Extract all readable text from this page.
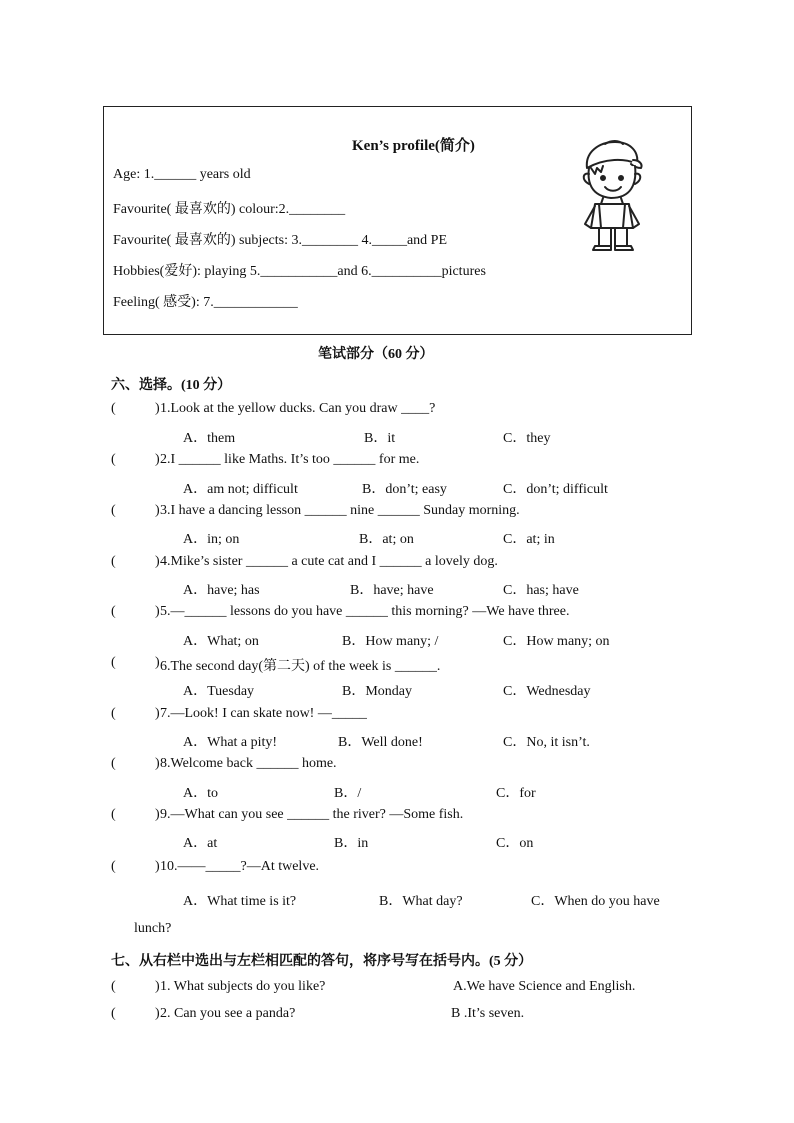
Ken’s profile(简介)
Age: 1.______ years old
Favourite( 最喜欢的) colour:2.________
Favourite( 最喜欢的) subjects: 3.________ 4._____and PE
Hobbies(爱好): playing 5.___________and 6.__________pictures
Feeling( 感受): 7.____________
笔试部分（60 分）
六、选择。(10 分）
(	) 1.Look at the yellow ducks. Can you draw ____?
A．them	B．it	C．they
(	) 2.I ______ like Maths. It’s too ______ for me.
A．am not; difficult	B．don’t; easy	C．don’t; difficult
(	) 3.I have a dancing lesson ______ nine ______ Sunday morning.
A．in; on	B．at; on	C．at; in
(	) 4.Mike’s sister ______ a cute cat and I ______ a lovely dog.
A．have; has	B．have; have	C．has; have
(	) 5.—______ lessons do you have ______ this morning? —We have three.
A．What; on	B．How many; /	C．How many; on
(	) 6.The second day(第二天) of the week is ______.
A．Tuesday	B．Monday	C．Wednesday
(	) 7.—Look! I can skate now! —_____
A．What a pity!	B．Well done!	C．No, it isn’t.
(	) 8.Welcome back ______ home.
A．to	B．/	C．for
(	) 9.—What can you see ______ the river? —Some fish.
A．at	B．in	C．on
(	) 10.——_____?—At twelve.
A．What time is it?	B．What day?	C．When do you have
lunch?
七、从右栏中选出与左栏相匹配的答句，将序号写在括号内。(5 分）
(	) 1. What subjects do you like?	A.We have Science and English.
(	) 2. Can you see a panda?	B .It’s seven.
